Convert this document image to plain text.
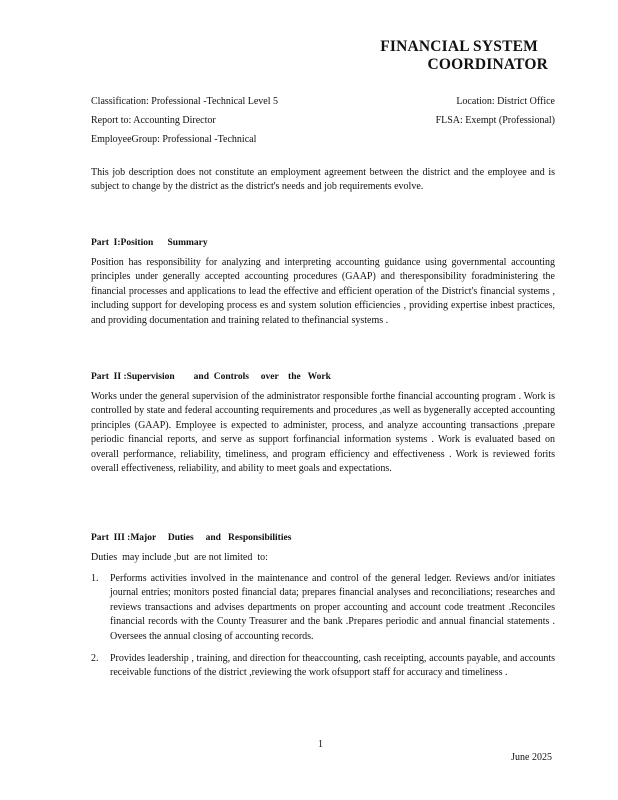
FINANCIAL SYSTEM
COORDINATOR
Classification: Professional -Technical Level 5	Location: District Office
Report to: Accounting Director	FLSA: Exempt (Professional)
EmployeeGroup: Professional -Technical
This job description does not constitute an employment agreement between the district and the employee and is subject to change by the district as the district's needs and job requirements evolve.
Part  I:Position      Summary
Position has responsibility for analyzing and interpreting accounting guidance using governmental accounting principles under generally accepted accounting procedures (GAAP) and theresponsibility foradministering the financial processes and applications to lead the effective and efficient operation of the District's financial systems , including support for developing process es and system solution efficiencies , providing expertise inbest practices, and providing documentation and training related to thefinancial systems .
Part  II :Supervision        and  Controls     over    the   Work
Works under the general supervision of the administrator responsible forthe financial accounting program . Work is controlled by state and federal accounting requirements and procedures ,as well as bygenerally accepted accounting principles (GAAP). Employee is expected to administer, process, and analyze accounting transactions ,prepare periodic financial reports, and serve as support forfinancial information systems . Work is evaluated based on overall performance, reliability, timeliness, and program efficiency and effectiveness . Work is reviewed forits overall effectiveness, reliability, and ability to meet goals and expectations.
Part  III :Major     Duties     and   Responsibilities
Duties  may include ,but  are not limited  to:
1. Performs activities involved in the maintenance and control of the general ledger. Reviews and/or initiates journal entries; monitors posted financial data; prepares financial analyses and reconciliations; researches and reviews transactions and advises departments on proper accounting and account code treatment .Reconciles financial records with the County Treasurer and the bank .Prepares periodic and annual financial statements . Oversees the annual closing of accounting records.
2. Provides leadership , training, and direction for theaccounting, cash receipting, accounts payable, and accounts receivable functions of the district ,reviewing the work ofsupport staff for accuracy and timeliness .
1
June 2025
